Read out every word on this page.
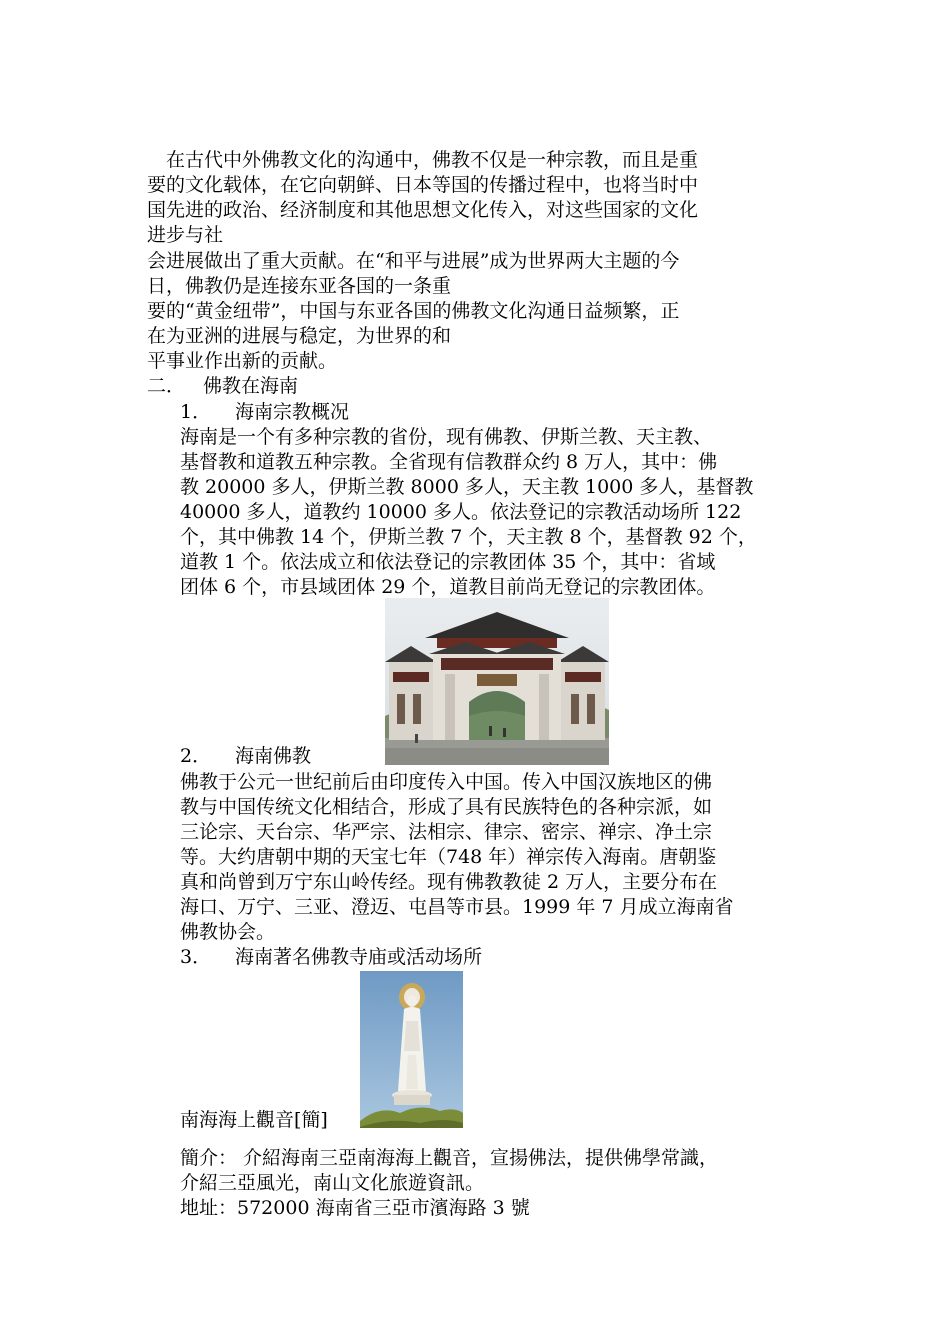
　在古代中外佛教文化的沟通中，佛教不仅是一种宗教，而且是重
要的文化载体，在它向朝鲜、日本等国的传播过程中，也将当时中
国先进的政治、经济制度和其他思想文化传入，对这些国家的文化
进步与社
会进展做出了重大贡献。在“和平与进展”成为世界两大主题的今
日，佛教仍是连接东亚各国的一条重
要的“黄金纽带”，中国与东亚各国的佛教文化沟通日益频繁，正
在为亚洲的进展与稳定，为世界的和
平事业作出新的贡献。
二． 佛教在海南
1． 海南宗教概况
海南是一个有多种宗教的省份，现有佛教、伊斯兰教、天主教、
基督教和道教五种宗教。全省现有信教群众约 8 万人，其中：佛
教 20000 多人，伊斯兰教 8000 多人，天主教 1000 多人，基督教
40000 多人，道教约 10000 多人。依法登记的宗教活动场所 122
个，其中佛教 14 个，伊斯兰教 7 个，天主教 8 个，基督教 92 个，
道教 1 个。依法成立和依法登记的宗教团体 35 个，其中：省域
团体 6 个，市县域团体 29 个，道教目前尚无登记的宗教团体。
2． 海南佛教
佛教于公元一世纪前后由印度传入中国。传入中国汉族地区的佛
教与中国传统文化相结合，形成了具有民族特色的各种宗派，如
三论宗、天台宗、华严宗、法相宗、律宗、密宗、禅宗、净土宗
等。大约唐朝中期的天宝七年（748 年）禅宗传入海南。唐朝鉴
真和尚曾到万宁东山岭传经。现有佛教教徒 2 万人，主要分布在
海口、万宁、三亚、澄迈、屯昌等市县。1999 年 7 月成立海南省
佛教协会。
3． 海南著名佛教寺庙或活动场所
南海海上觀音[簡]
簡介： 介紹海南三亞南海海上觀音，宣揚佛法，提供佛學常識，
介紹三亞風光，南山文化旅遊資訊。
地址：572000 海南省三亞市濱海路 3 號
